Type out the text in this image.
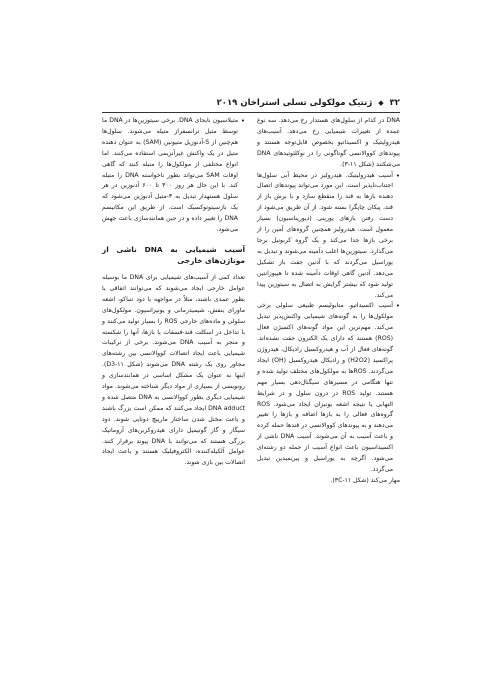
۳۲
◆
ژنتیک مولکولی تسلی استراخان ۲۰۱۹

DNA در کدام از سلول‌های هستدار رخ می‌دهد. سه نوع عمده از تغییرات شیمیایی رخ می‌دهد. آسیب‌های هیدرولیتیک و اکسیداتیو بخصوص قابل‌توجه هستند و پیوندهای کووالانسی گوناگونی را در نوکلئوتیدهای DNA می‌شکنند (شکل ۱۱-۳).

• آسیب هیدرولیتیک. هیدرولیز در محیط آبی سلول‌ها اجتناب‌ناپذیر است. این مورد می‌تواند پیوندهای اتصال دهنده بازها به قند را منقطع سازد و با برش باز از قند، پیکان چاپگرا بسته شود. از آن طریق می‌شود از دست رفتن بازهای پورینی (دپوریناسیون) بسیار معمول است. هیدرولیز همچنین گروه‌های آمین را از برخی بازها جدا می‌کند و یک گروه کربونیل برجا می‌گذارد. سیتوزین‌ها اغلب دآمینه می‌شوند و تبدیل به یوراسیل می‌گردند که با آدنین جفت باز تشکیل می‌دهد. آدنین گاهی اوقات دآمینه شده تا هیپوزانتین تولید شود که بیشتر گرایش به اتصال به سیتوزین پیدا می‌کند.

• آسیب اکسیداتیو. متابولیسم طبیعی سلولی برخی مولکول‌ها را به گونه‌های شیمیایی واکنش‌پذیر تبدیل می‌کند. مهم‌ترین این مواد گونه‌های اکسیژن فعال (ROS) هستند که دارای یک الکترون جفت نشده‌اند. گونه‌های فعال از آب و هیدروکسیل رادیکال، هیدروژن پراکسید (H2O2) و رادیکال هیدروکسیل (OH) ایجاد می‌گردند. ROSها به مولکول‌های مختلف تولید شده و تنها هنگامی در مسیرهای سیگنال‌دهی بسیار مهم هستند. تولید ROS در درون سلول و در شرایط التهابی یا نتیجه اشعه یونیزان ایجاد می‌شود. ROS گروه‌های فعالی را به بازها اضافه و بازها را تغییر می‌دهند و به پیوندهای کووالانسی در قندها حمله کرده و باعث آسیب به آن می‌شوند. آسیب DNA ناشی از اکسیداسیون باعث انواع آسیب از جمله دو رشته‌ای می‌شود. اگرچه به یوراسیل و پیریمیدین تبدیل می‌گردد.

مهار می‌کند (شکل ۱۱-۳C).

• متیلاسیون نابجای DNA. برخی سیتوزین‌ها در DNA ما توسط متیل ترانسفراز متیله می‌شوند. سلول‌ها هم‌چنین از S-آدنوزیل متیونین (SAM) به عنوان دهنده متیل در یک واکنش غیرآنزیمی استفاده می‌کنند. اما انواع مختلفی از مولکول‌ها را متیله کنند که گاهی اوقات SAM می‌تواند بطور ناخواسته DNA را متیله کند. با این حال هر روز ۳۰۰ تا ۶۰۰ آدنوزین در هر سلول هستهدار تبدیل به ۳-متیل آدنوزین می‌شود که یک بازسیتوتوکسیک است. از طریق این مکانیسم DNA را تغییر داده و در حین همانندسازی باعث جهش می‌شود.

آسیب شیمیایی به DNA ناشی از موتاژن‌های خارجی

تعداد کمی از آسیب‌های شیمیایی برای DNA ما بوسیله عوامل خارجی ایجاد می‌شوند که می‌توانند اتفاقی یا بطور عمدی باشند، مثلاً در مواجهه با دود تنباکو، اشعه ماورای بنفش، شیمیدرمانی و یونیزاسیون. مولکول‌های سلولی و ماده‌های خارجی ROS را بسیار تولید می‌کنند و با تداخل در اسکلت قند-فسفات یا بازها، آنها را شکسته و منجر به آسیب DNA می‌شوند. برخی از ترکیبات شیمیایی باعث ایجاد اتصالات کووالانسی بین رشته‌های مجاور روی یک رشته DNA می‌شوند (شکل ۱۱-D3). اینها به عنوان یک مشکل اساسی در همانندسازی و رونویسی از بسیاری از مواد دیگر شناخته می‌شوند. مواد شیمیایی دیگری بطور کووالانسی به DNA متصل شده و DNA adduct ایجاد می‌کنند که ممکن است بزرگ باشند و باعث مختل شدن ساختار مارپیچ دوتایی شوند. دود سیگار و گاز گوتیمیل دارای هیدروکربن‌های آروماتیک بزرگی هستند که می‌توانند با DNA پیوند برقرار کنند. عوامل آلکیله‌کننده، الکتروفیلیک هستند و باعث ایجاد اتصالات بین بازی شوند.
